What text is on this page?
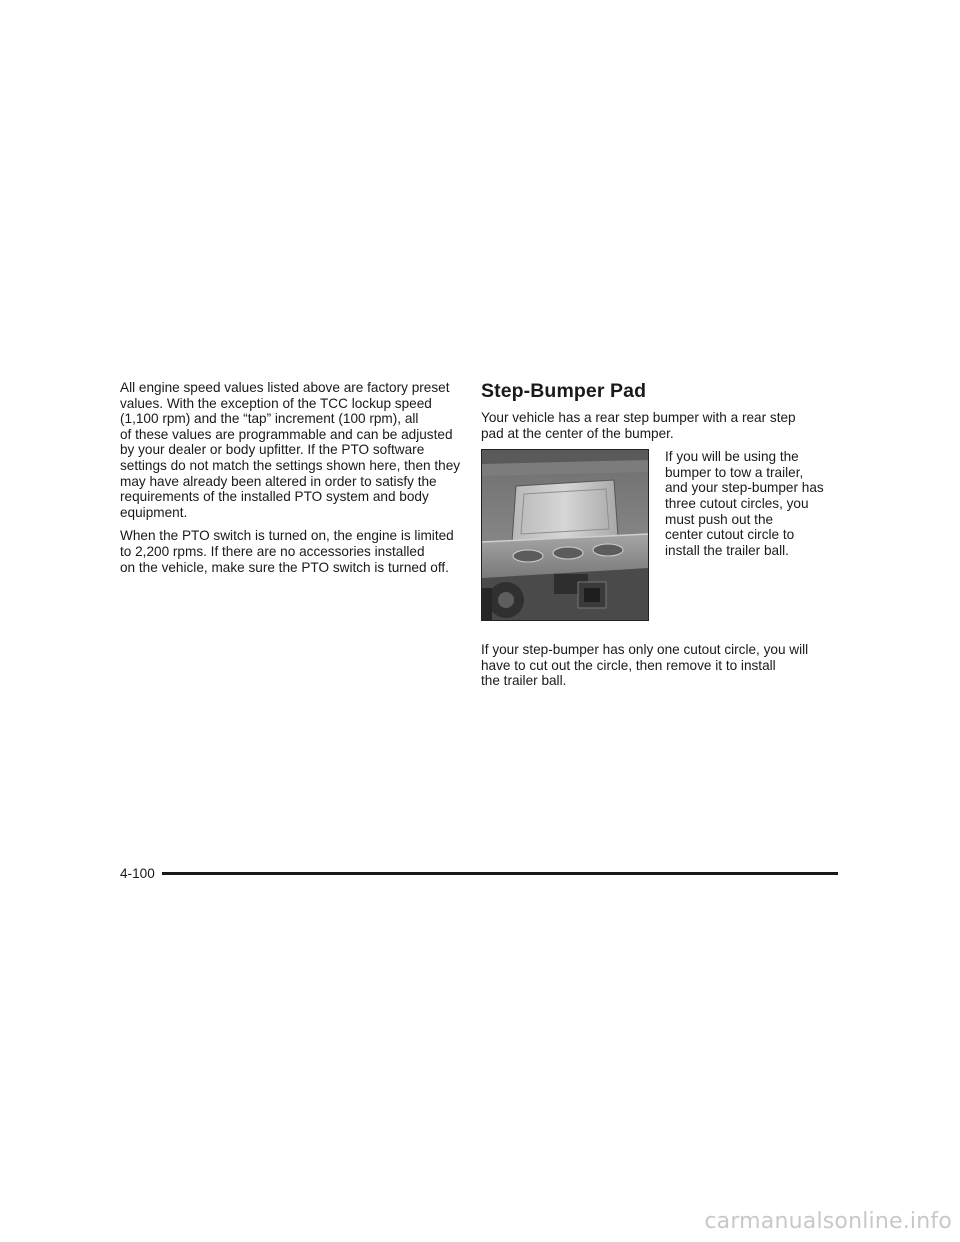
All engine speed values listed above are factory preset
values. With the exception of the TCC lockup speed
(1,100 rpm) and the “tap” increment (100 rpm), all
of these values are programmable and can be adjusted
by your dealer or body upfitter. If the PTO software
settings do not match the settings shown here, then they
may have already been altered in order to satisfy the
requirements of the installed PTO system and body
equipment.

When the PTO switch is turned on, the engine is limited
to 2,200 rpms. If there are no accessories installed
on the vehicle, make sure the PTO switch is turned off.

Step-Bumper Pad

Your vehicle has a rear step bumper with a rear step
pad at the center of the bumper.

If you will be using the
bumper to tow a trailer,
and your step-bumper has
three cutout circles, you
must push out the
center cutout circle to
install the trailer ball.

If your step-bumper has only one cutout circle, you will
have to cut out the circle, then remove it to install
the trailer ball.

4-100
carmanualsonline.info
